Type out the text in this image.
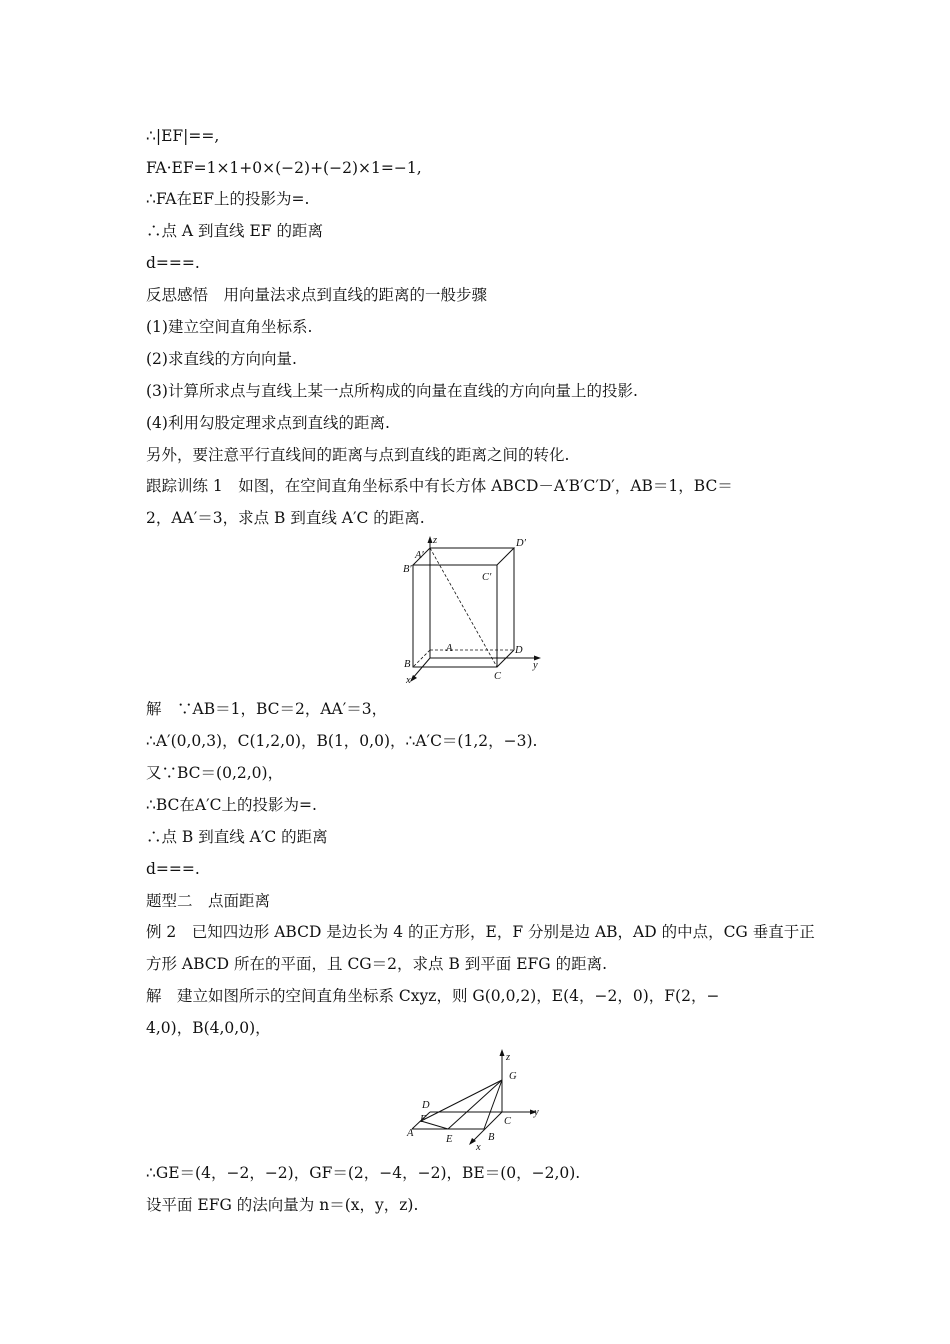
∴|EF|==,
FA·EF=1×1+0×(−2)+(−2)×1=−1,
∴FA在EF上的投影为=.
∴点 A 到直线 EF 的距离
d===.
反思感悟　用向量法求点到直线的距离的一般步骤
(1)建立空间直角坐标系.
(2)求直线的方向向量.
(3)计算所求点与直线上某一点所构成的向量在直线的方向向量上的投影.
(4)利用勾股定理求点到直线的距离.
另外，要注意平行直线间的距离与点到直线的距离之间的转化.
跟踪训练 1　如图，在空间直角坐标系中有长方体 ABCD－A′B′C′D′，AB＝1，BC＝
2，AA′＝3，求点 B 到直线 A′C 的距离.
z
A′
D′
B′
C′
A	D
y
B
C
x
解　∵AB＝1，BC＝2，AA′＝3，
∴A′(0,0,3)，C(1,2,0)，B(1，0,0)，∴A′C＝(1,2，−3).
又∵BC＝(0,2,0)，
∴BC在A′C上的投影为=.
∴点 B 到直线 A′C 的距离
d===.
题型二　点面距离
例 2　已知四边形 ABCD 是边长为 4 的正方形，E，F 分别是边 AB，AD 的中点，CG 垂直于正
方形 ABCD 所在的平面，且 CG＝2，求点 B 到平面 EFG 的距离.
解　建立如图所示的空间直角坐标系 Cxyz，则 G(0,0,2)，E(4，−2，0)，F(2，−
4,0)，B(4,0,0)，
z
G
D
F	C
y
A
E	B
x
∴GE＝(4，−2，−2)，GF＝(2，−4，−2)，BE＝(0，−2,0).
设平面 EFG 的法向量为 n＝(x，y，z).
